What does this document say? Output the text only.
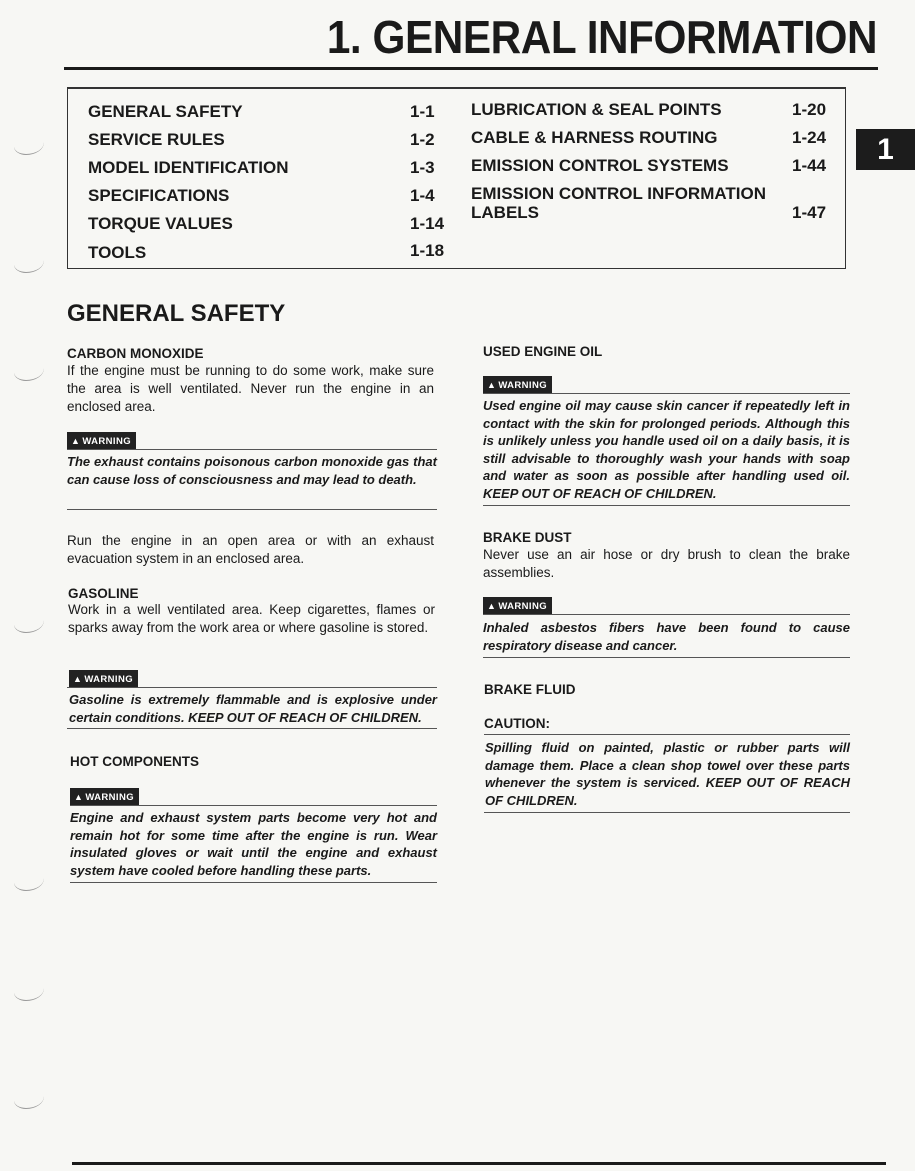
1. GENERAL INFORMATION
1
GENERAL SAFETY	1-1
SERVICE RULES	1-2
MODEL IDENTIFICATION	1-3
SPECIFICATIONS	1-4
TORQUE VALUES	1-14
TOOLS	1-18
LUBRICATION & SEAL POINTS	1-20
CABLE & HARNESS ROUTING	1-24
EMISSION CONTROL SYSTEMS	1-44
EMISSION CONTROL INFORMATION
LABELS	1-47
GENERAL SAFETY

CARBON MONOXIDE

If the engine must be running to do some work, make sure the area is well ventilated. Never run the engine in an enclosed area.

▲ WARNING

The exhaust contains poisonous carbon monoxide gas that can cause loss of consciousness and may lead to death.

Run the engine in an open area or with an exhaust evacuation system in an enclosed area.

GASOLINE

Work in a well ventilated area. Keep cigarettes, flames or sparks away from the work area or where gasoline is stored.

▲ WARNING

Gasoline is extremely flammable and is explosive under certain conditions. KEEP OUT OF REACH OF CHILDREN.

HOT COMPONENTS

▲ WARNING

Engine and exhaust system parts become very hot and remain hot for some time after the engine is run. Wear insulated gloves or wait until the engine and exhaust system have cooled before handling these parts.

USED ENGINE OIL

▲ WARNING

Used engine oil may cause skin cancer if repeatedly left in contact with the skin for prolonged periods. Although this is unlikely unless you handle used oil on a daily basis, it is still advisable to thoroughly wash your hands with soap and water as soon as possible after handling used oil. KEEP OUT OF REACH OF CHILDREN.

BRAKE DUST

Never use an air hose or dry brush to clean the brake assemblies.

▲ WARNING

Inhaled asbestos fibers have been found to cause respiratory disease and cancer.

BRAKE FLUID

CAUTION:

Spilling fluid on painted, plastic or rubber parts will damage them. Place a clean shop towel over these parts whenever the system is serviced. KEEP OUT OF REACH OF CHILDREN.
